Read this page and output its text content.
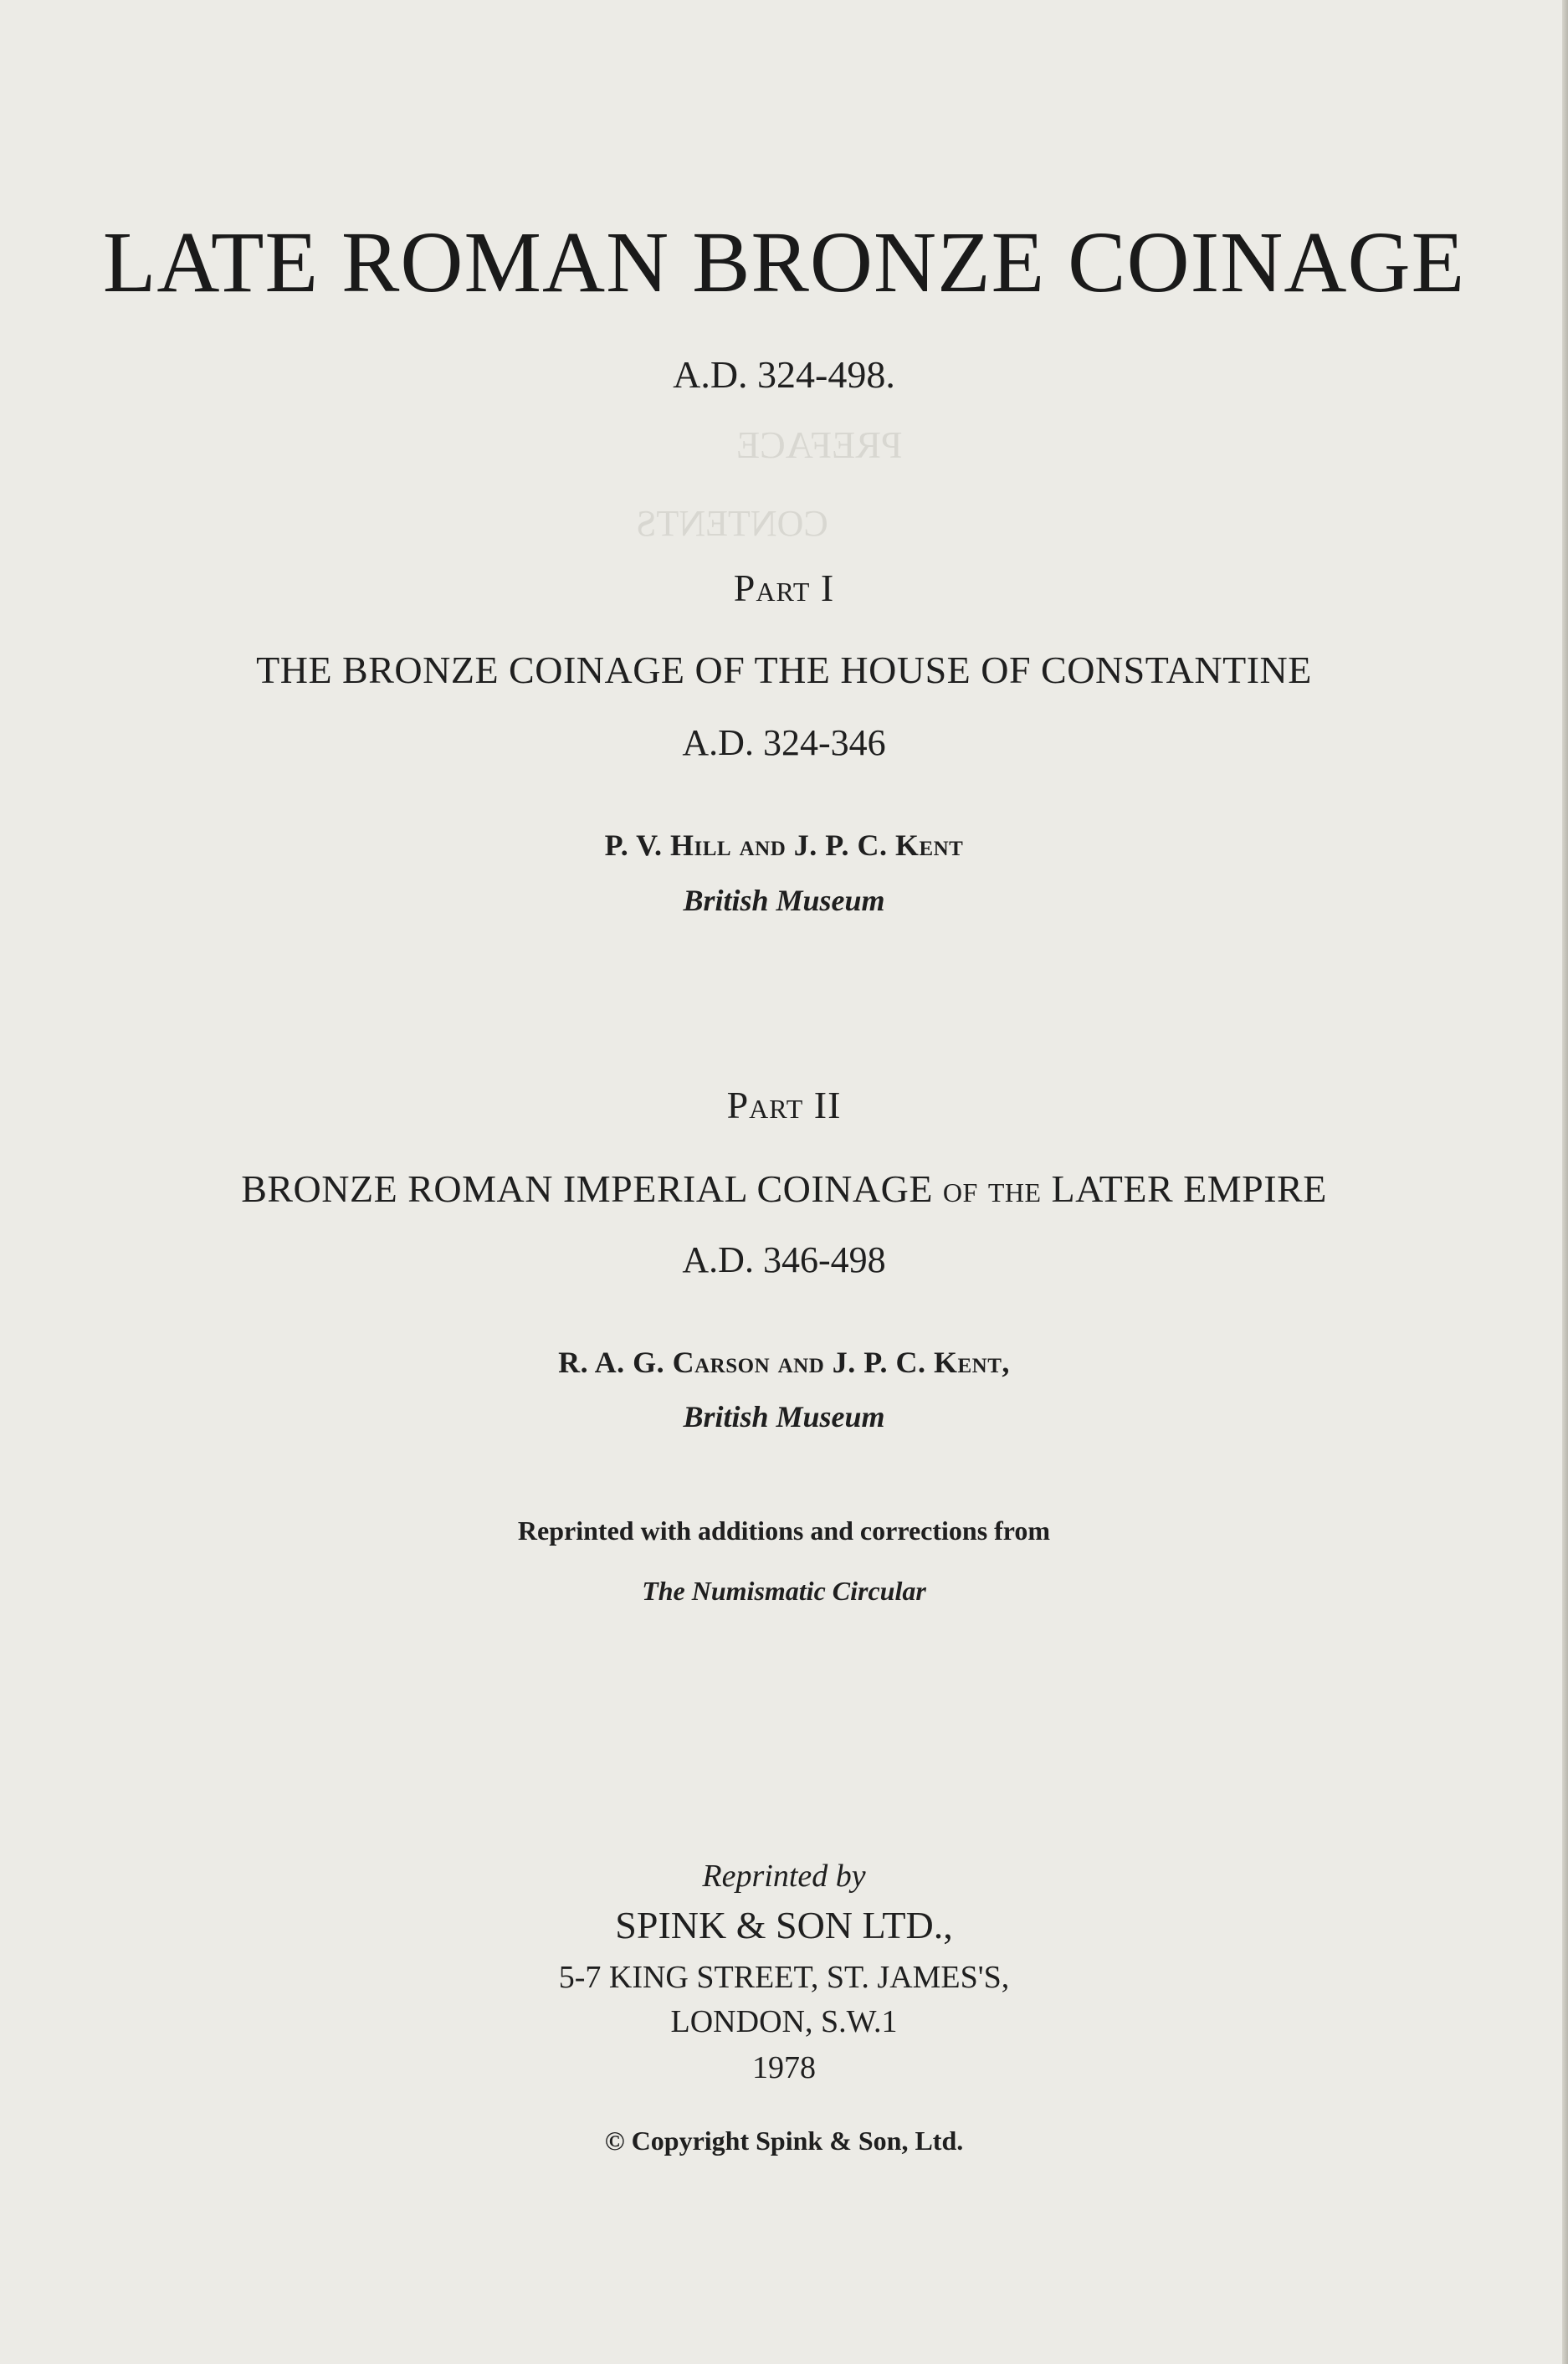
PREFACE
CONTENTS
LATE ROMAN BRONZE COINAGE
A.D. 324-498.
Part I
THE BRONZE COINAGE OF THE HOUSE OF CONSTANTINE
A.D. 324-346
P. V. Hill and J. P. C. Kent
British Museum
Part II
BRONZE ROMAN IMPERIAL COINAGE of the LATER EMPIRE
A.D. 346-498
R. A. G. Carson and J. P. C. Kent,
British Museum
Reprinted with additions and corrections from
The Numismatic Circular
Reprinted by
SPINK & SON LTD.,
5-7 KING STREET, ST. JAMES'S,
LONDON, S.W.1
1978
© Copyright Spink & Son, Ltd.
